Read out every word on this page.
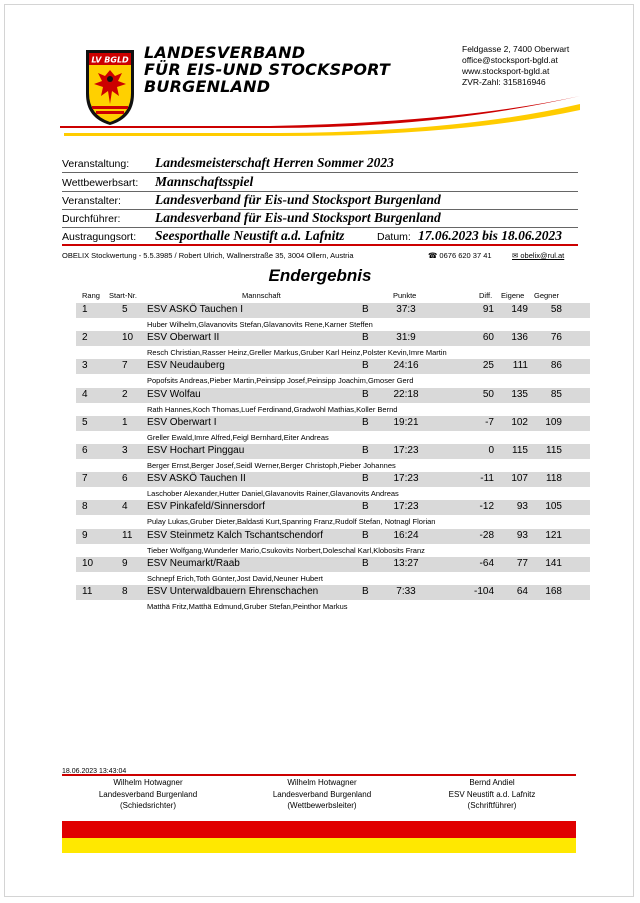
LV BGLD LANDESVERBAND
FÜR EIS-UND STOCKSPORT
BURGENLAND
Feldgasse 2, 7400 Oberwart
office@stocksport-bgld.at
www.stocksport-bgld.at
ZVR-Zahl: 315816946
Veranstaltung: Landesmeisterschaft Herren Sommer 2023
Wettbewerbsart: Mannschaftsspiel
Veranstalter:	Landesverband für Eis-und Stocksport Burgenland
Durchführer:	Landesverband für Eis-und Stocksport Burgenland
Austragungsort: Seesporthalle Neustift a.d. Lafnitz	Datum: 17.06.2023 bis 18.06.2023
OBELIX Stockwertung - 5.5.3985 / Robert Ulrich, Wallnerstraße 35, 3004 Ollern, Austria	☎ 0676 620 37 41	✉ obelix@rul.at
Endergebnis
Rang Start-Nr.	Mannschaft	Punkte	Diff. Eigene Gegner
1	5	ESV ASKÖ Tauchen I	B	37:3	91	149	58
Huber Wilhelm,Glavanovits Stefan,Glavanovits Rene,Karner Steffen
2	10	ESV Oberwart II	B	31:9	60	136	76
Resch Christian,Rasser Heinz,Greller Markus,Gruber Karl Heinz,Polster Kevin,Imre Martin
3	7	ESV Neudauberg	B	24:16	25	111	86
Popofsits Andreas,Pieber Martin,Peinsipp Josef,Peinsipp Joachim,Gmoser Gerd
4	2	ESV Wolfau	B	22:18	50	135	85
Rath Hannes,Koch Thomas,Luef Ferdinand,Gradwohl Mathias,Koller Bernd
5	1	ESV Oberwart I	B	19:21	-7	102	109
Greller Ewald,Imre Alfred,Feigl Bernhard,Eiter Andreas
6	3	ESV Hochart Pinggau	B	17:23	0	115	115
Berger Ernst,Berger Josef,Seidl Werner,Berger Christoph,Pieber Johannes
7	6	ESV ASKÖ Tauchen II	B	17:23	-11	107	118
Laschober Alexander,Hutter Daniel,Glavanovits Rainer,Glavanovits Andreas
8	4	ESV Pinkafeld/Sinnersdorf	B	17:23	-12	93	105
Pulay Lukas,Gruber Dieter,Baldasti Kurt,Spanring Franz,Rudolf Stefan, Notnagl Florian
9	11	ESV Steinmetz Kalch Tschantschendorf	B	16:24	-28	93	121
Tieber Wolfgang,Wunderler Mario,Csukovits Norbert,Doleschal Karl,Klobosits Franz
10	9	ESV Neumarkt/Raab	B	13:27	-64	77	141
Schnepf Erich,Toth Günter,Jost David,Neuner Hubert
11	8	ESV Unterwaldbauern Ehrenschachen	B	7:33	-104	64	168
Matthä Fritz,Matthä Edmund,Gruber Stefan,Peinthor Markus
18.06.2023 13:43:04
Wilhelm Hotwagner
Landesverband Burgenland
(Schiedsrichter)
Wilhelm Hotwagner
Landesverband Burgenland
(Wettbewerbsleiter)
Bernd Andiel
ESV Neustift a.d. Lafnitz
(Schriftführer)
